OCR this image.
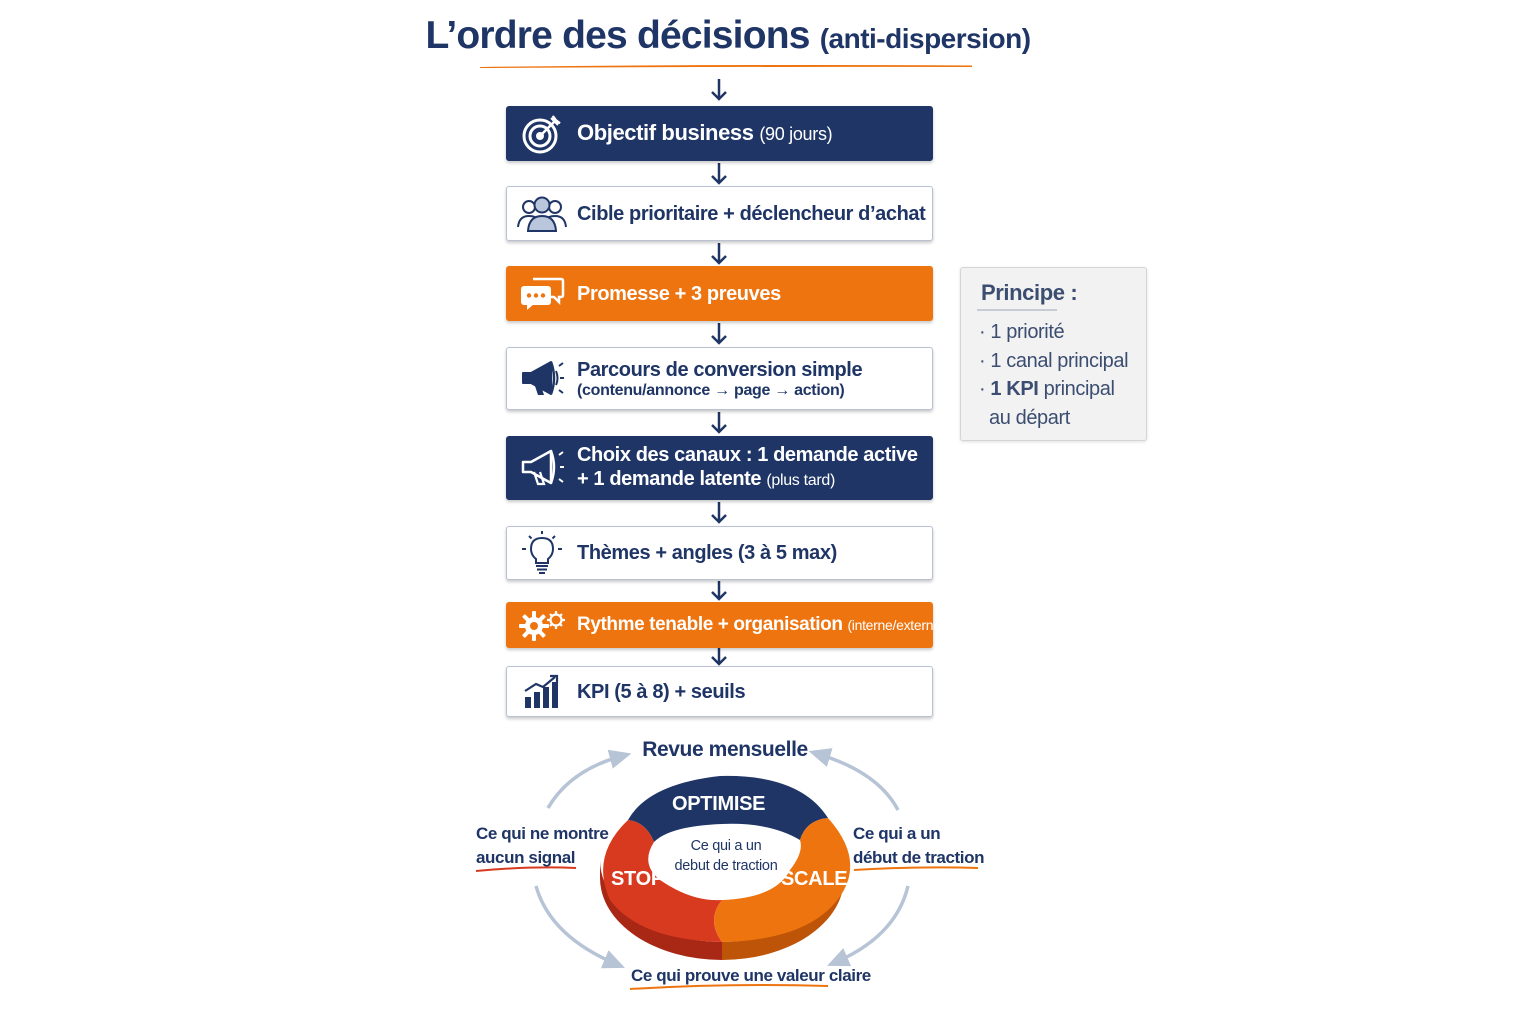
L’ordre des décisions (anti-dispersion)
Objectif business (90 jours)
Cible prioritaire + déclencheur d’achat
Promesse + 3 preuves
Parcours de conversion simple
(contenu/annonce → page → action)
Choix des canaux : 1 demande active
+ 1 demande latente (plus tard)
Thèmes + angles (3 à 5 max)
Rythme tenable + organisation (interne/externe)
KPI (5 à 8) + seuils
Principe :
· 1 priorité
· 1 canal principal
· 1 KPI principal
au départ
Revue mensuelle
OPTIMISE
STOP	SCALE
Ce qui a un
debut de traction
Ce qui ne montre
aucun signal
Ce qui a un
début de traction
Ce qui prouve une valeur claire
